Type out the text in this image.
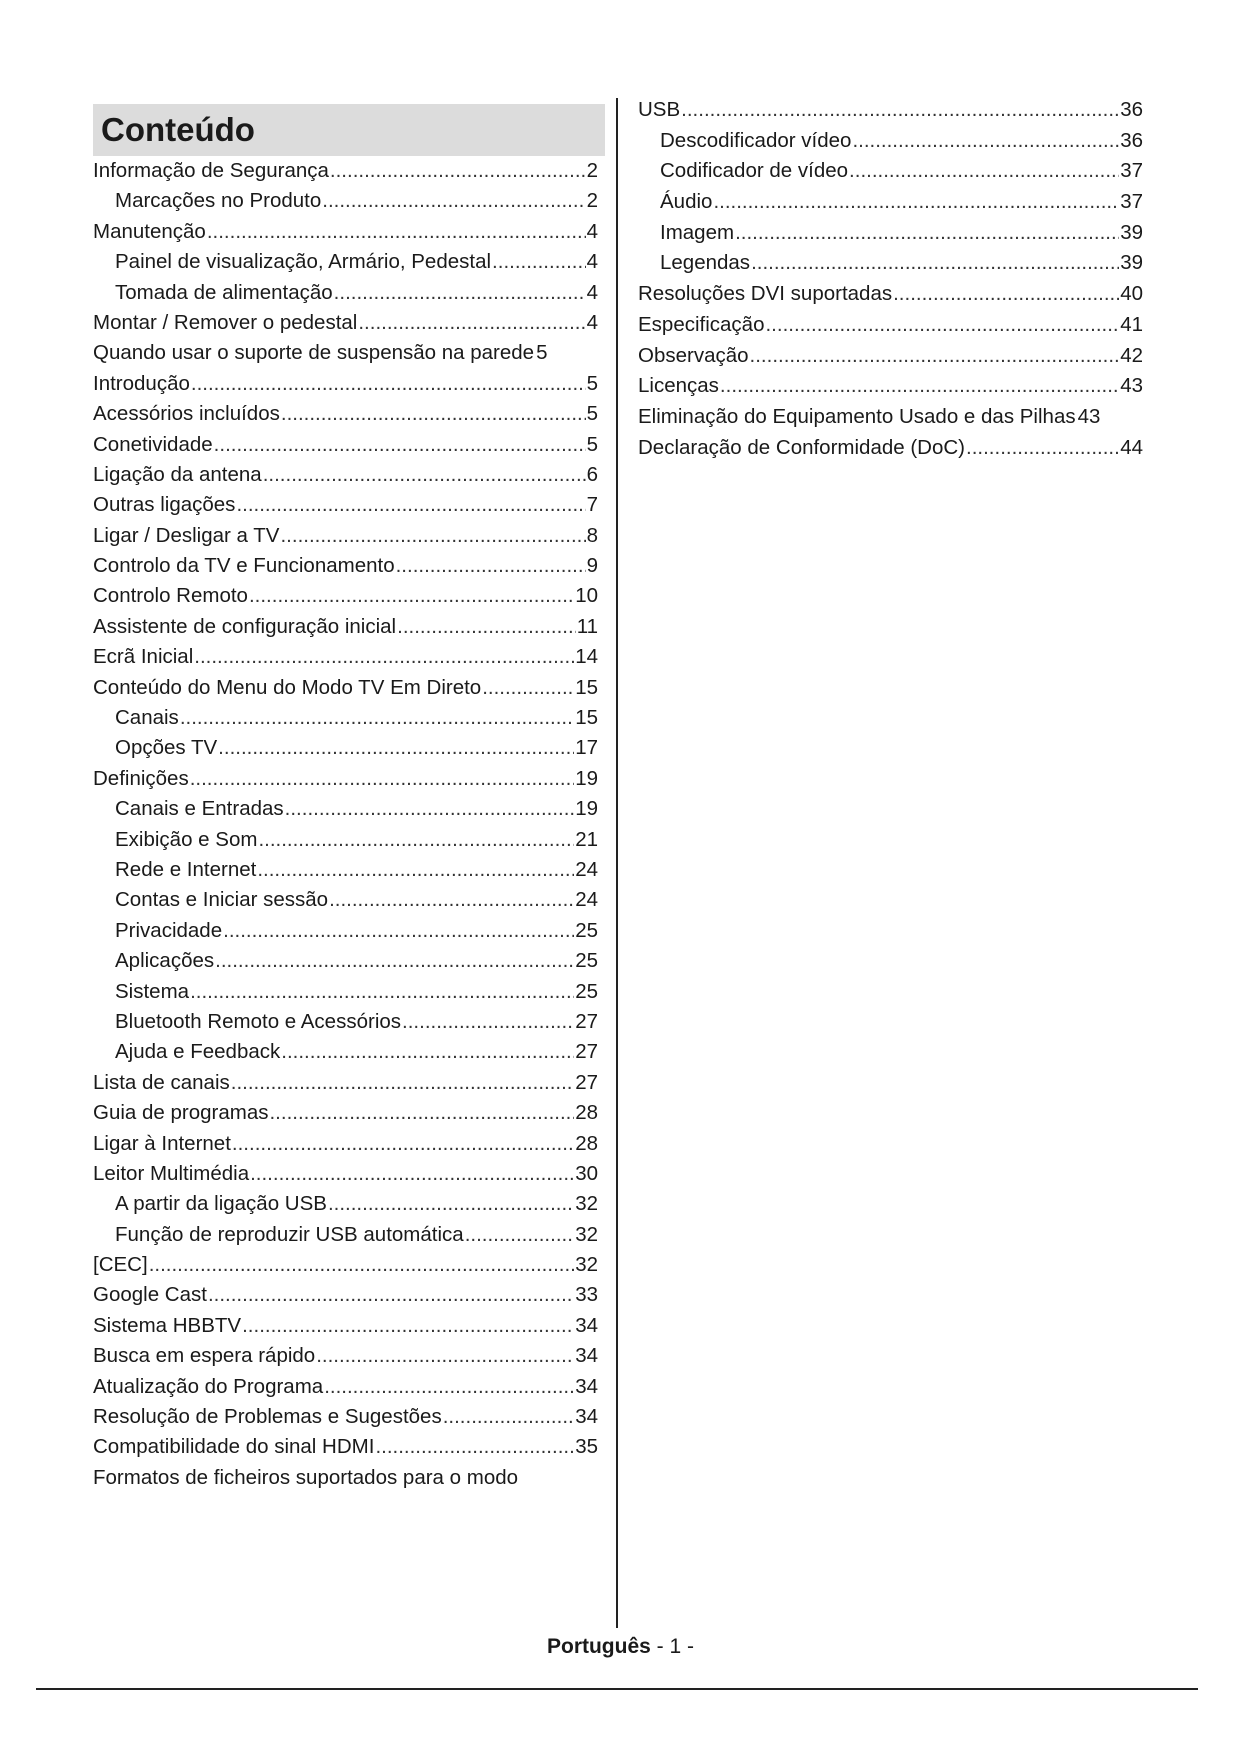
Conteúdo
Informação de Segurança .....	2
Marcações no Produto .....	2
Manutenção .....	4
Painel de visualização, Armário, Pedestal .....	4
Tomada de alimentação .....	4
Montar / Remover o pedestal .....	4
Quando usar o suporte de suspensão na parede 5
Introdução .....	5
Acessórios incluídos .....	5
Conetividade .....	5
Ligação da antena .....	6
Outras ligações .....	7
Ligar / Desligar a TV .....	8
Controlo da TV e Funcionamento .....	9
Controlo Remoto .....	10
Assistente de configuração inicial .....	11
Ecrã Inicial .....	14
Conteúdo do Menu do Modo TV Em Direto .....	15
Canais .....	15
Opções TV .....	17
Definições .....	19
Canais e Entradas .....	19
Exibição e Som .....	21
Rede e Internet .....	24
Contas e Iniciar sessão .....	24
Privacidade .....	25
Aplicações .....	25
Sistema .....	25
Bluetooth Remoto e Acessórios .....	27
Ajuda e Feedback .....	27
Lista de canais .....	27
Guia de programas .....	28
Ligar à Internet .....	28
Leitor Multimédia .....	30
A partir da ligação USB .....	32
Função de reproduzir USB automática .....	32
[CEC] .....	32
Google Cast .....	33
Sistema HBBTV .....	34
Busca em espera rápido .....	34
Atualização do Programa .....	34
Resolução de Problemas e Sugestões .....	34
Compatibilidade do sinal HDMI .....	35
Formatos de ficheiros suportados para o modo
USB .....	36
Descodificador vídeo .....	36
Codificador de vídeo .....	37
Áudio .....	37
Imagem .....	39
Legendas .....	39
Resoluções DVI suportadas .....	40
Especificação .....	41
Observação .....	42
Licenças .....	43
Eliminação do Equipamento Usado e das Pilhas 43
Declaração de Conformidade (DoC) .....	44
Português - 1 -
